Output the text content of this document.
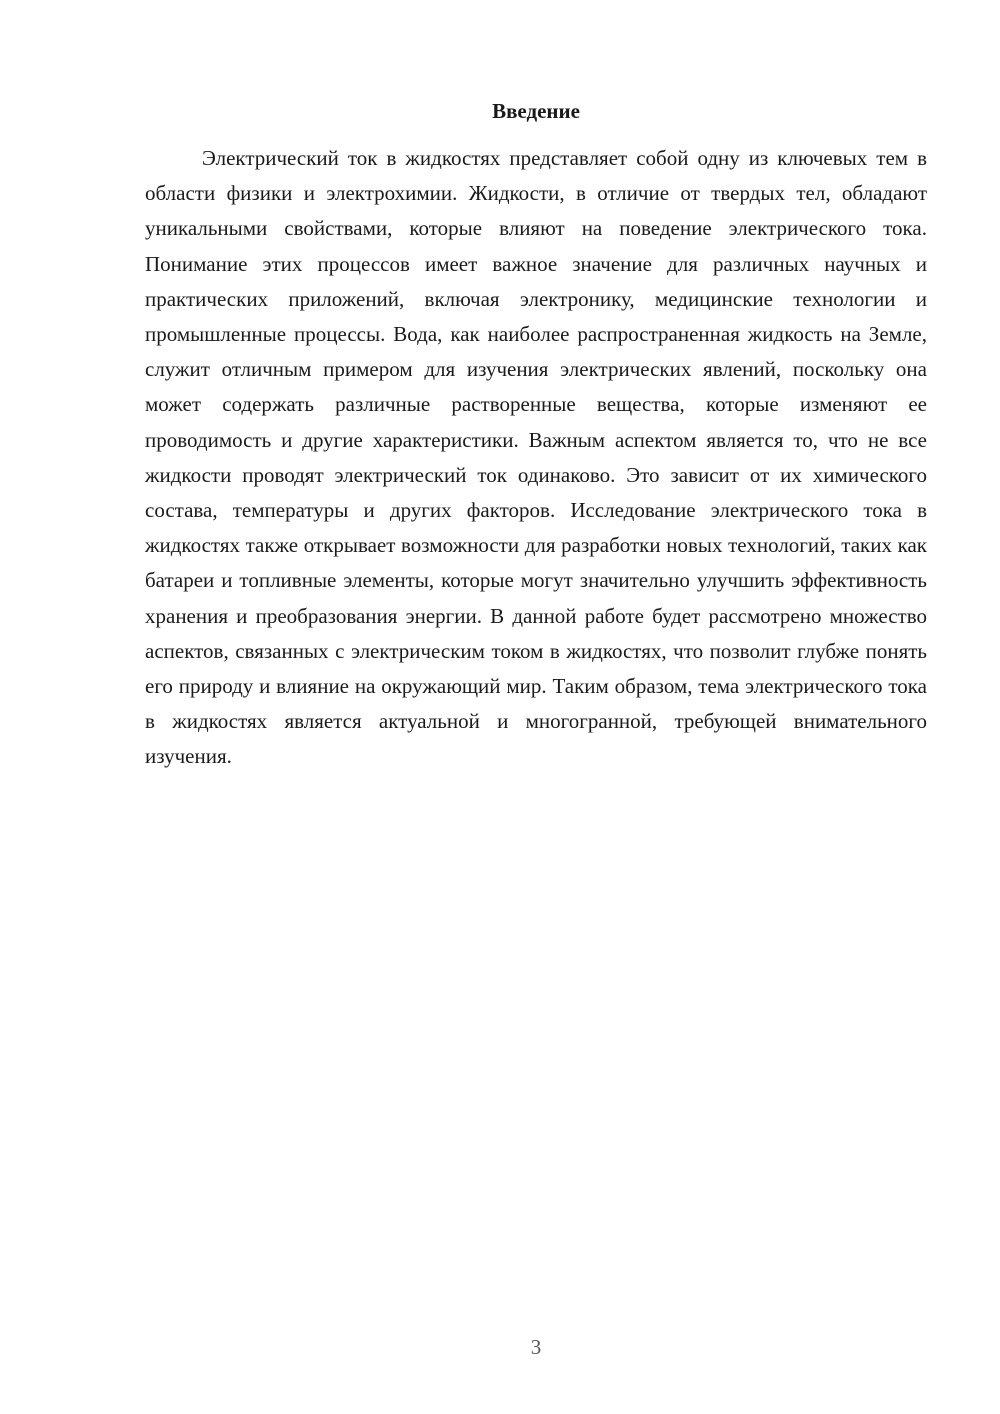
Введение

Электрический ток в жидкостях представляет собой одну из ключевых тем в области физики и электрохимии. Жидкости, в отличие от твердых тел, обладают уникальными свойствами, которые влияют на поведение электрического тока. Понимание этих процессов имеет важное значение для различных научных и практических приложений, включая электронику, медицинские технологии и промышленные процессы. Вода, как наиболее распространенная жидкость на Земле, служит отличным примером для изучения электрических явлений, поскольку она может содержать различные растворенные вещества, которые изменяют ее проводимость и другие характеристики. Важным аспектом является то, что не все жидкости проводят электрический ток одинаково. Это зависит от их химического состава, температуры и других факторов. Исследование электрического тока в жидкостях также открывает возможности для разработки новых технологий, таких как батареи и топливные элементы, которые могут значительно улучшить эффективность хранения и преобразования энергии. В данной работе будет рассмотрено множество аспектов, связанных с электрическим током в жидкостях, что позволит глубже понять его природу и влияние на окружающий мир. Таким образом, тема электрического тока в жидкостях является актуальной и многогранной, требующей внимательного изучения.

3
